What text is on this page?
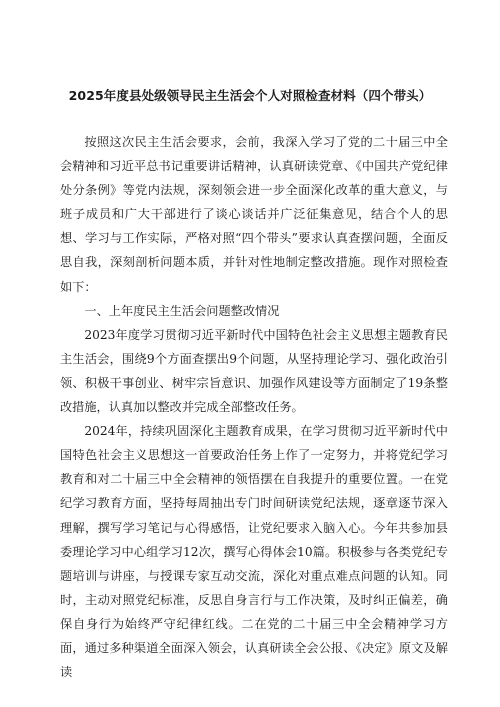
2025年度县处级领导民主生活会个人对照检查材料（四个带头）

按照这次民主生活会要求，会前，我深入学习了党的二十届三中全会精神和习近平总书记重要讲话精神，认真研读党章、《中国共产党纪律处分条例》等党内法规，深刻领会进一步全面深化改革的重大意义，与班子成员和广大干部进行了谈心谈话并广泛征集意见，结合个人的思想、学习与工作实际，严格对照“四个带头”要求认真查摆问题，全面反思自我，深刻剖析问题本质，并针对性地制定整改措施。现作对照检查如下：

一、上年度民主生活会问题整改情况

2023年度学习贯彻习近平新时代中国特色社会主义思想主题教育民主生活会，围绕9个方面查摆出9个问题，从坚持理论学习、强化政治引领、积极干事创业、树牢宗旨意识、加强作风建设等方面制定了19条整改措施，认真加以整改并完成全部整改任务。

2024年，持续巩固深化主题教育成果，在学习贯彻习近平新时代中国特色社会主义思想这一首要政治任务上作了一定努力，并将党纪学习教育和对二十届三中全会精神的领悟摆在自我提升的重要位置。一在党纪学习教育方面，坚持每周抽出专门时间研读党纪法规，逐章逐节深入理解，撰写学习笔记与心得感悟，让党纪要求入脑入心。今年共参加县委理论学习中心组学习12次，撰写心得体会10篇。积极参与各类党纪专题培训与讲座，与授课专家互动交流，深化对重点难点问题的认知。同时，主动对照党纪标准，反思自身言行与工作决策，及时纠正偏差，确保自身行为始终严守纪律红线。二在党的二十届三中全会精神学习方面，通过多种渠道全面深入领会，认真研读全会公报、《决定》原文及解读
